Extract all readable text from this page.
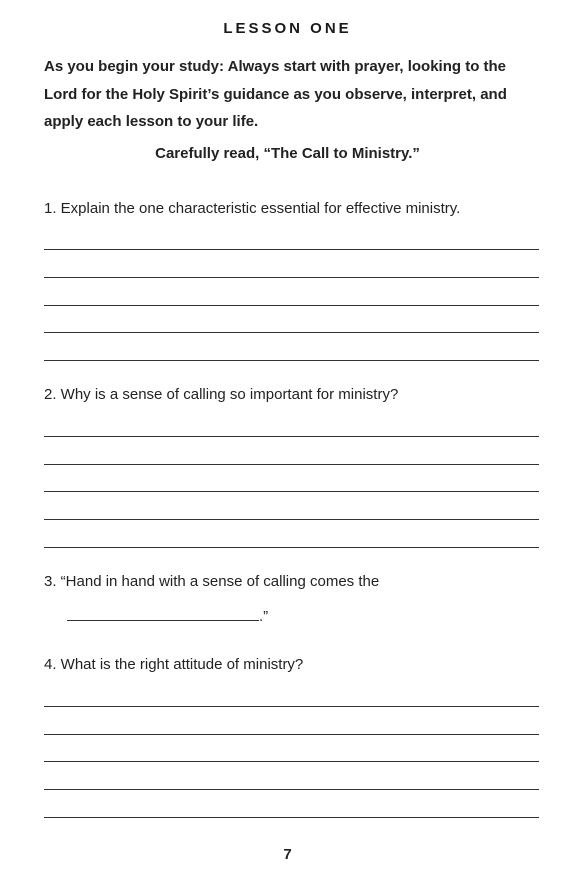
LESSON ONE

As you begin your study: Always start with prayer, looking to the Lord for the Holy Spirit’s guidance as you observe, interpret, and apply each lesson to your life.

Carefully read, “The Call to Ministry.”

1. Explain the one characteristic essential for effective ministry.

2. Why is a sense of calling so important for ministry?

3. “Hand in hand with a sense of calling comes the

.”

4. What is the right attitude of ministry?

7
